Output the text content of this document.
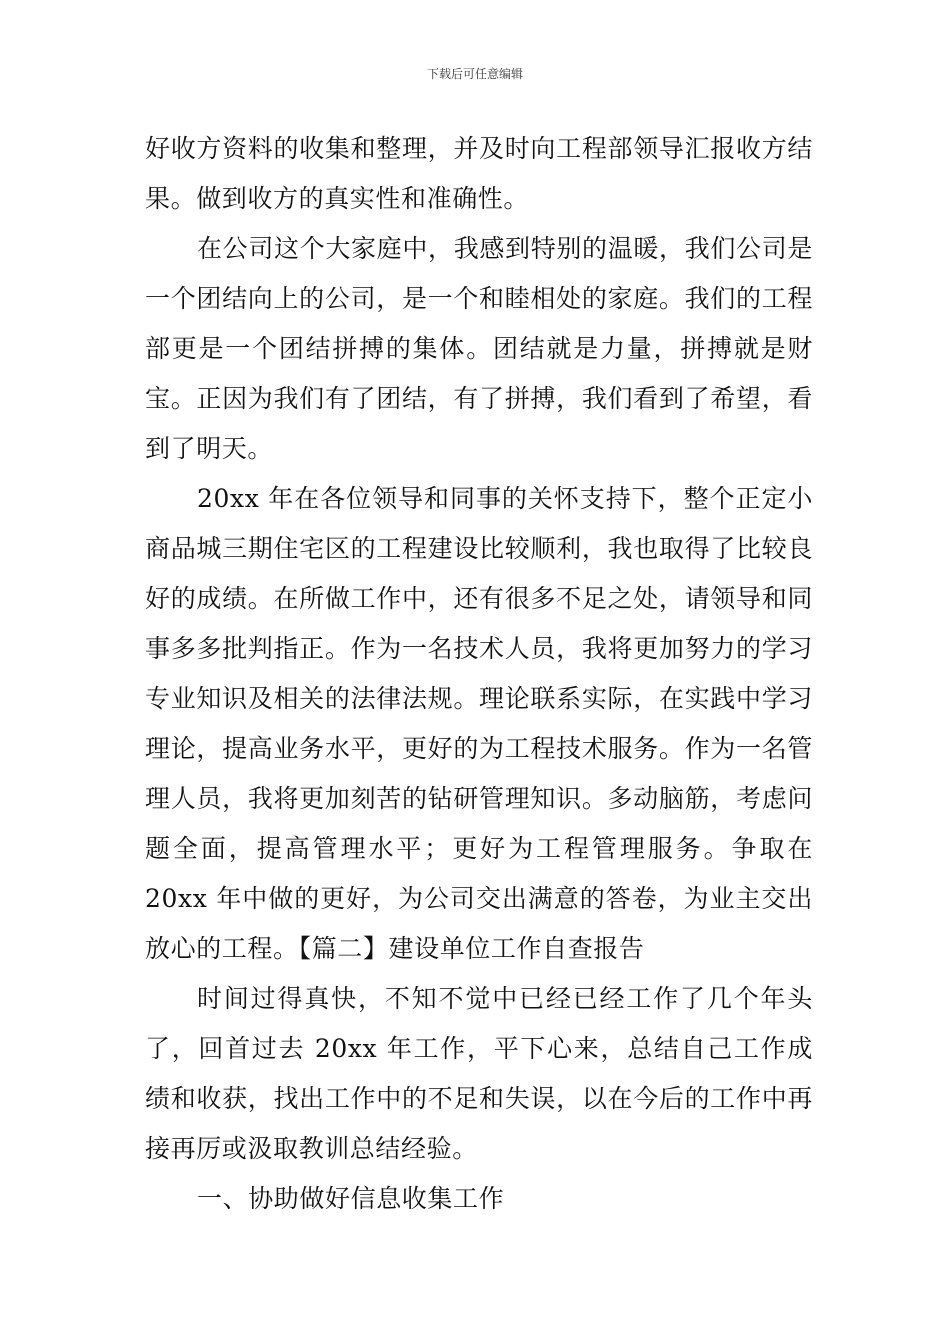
下载后可任意编辑

好收方资料的收集和整理，并及时向工程部领导汇报收方结果。做到收方的真实性和准确性。

在公司这个大家庭中，我感到特别的温暖，我们公司是一个团结向上的公司，是一个和睦相处的家庭。我们的工程部更是一个团结拼搏的集体。团结就是力量，拼搏就是财宝。正因为我们有了团结，有了拼搏，我们看到了希望，看到了明天。

20xx 年在各位领导和同事的关怀支持下，整个正定小商品城三期住宅区的工程建设比较顺利，我也取得了比较良好的成绩。在所做工作中，还有很多不足之处，请领导和同事多多批判指正。作为一名技术人员，我将更加努力的学习专业知识及相关的法律法规。理论联系实际，在实践中学习理论，提高业务水平，更好的为工程技术服务。作为一名管理人员，我将更加刻苦的钻研管理知识。多动脑筋，考虑问题全面，提高管理水平；更好为工程管理服务。争取在 20xx 年中做的更好，为公司交出满意的答卷，为业主交出放心的工程。【篇二】建设单位工作自查报告

时间过得真快，不知不觉中已经已经工作了几个年头了，回首过去 20xx 年工作，平下心来，总结自己工作成绩和收获，找出工作中的不足和失误，以在今后的工作中再接再厉或汲取教训总结经验。

一、协助做好信息收集工作
